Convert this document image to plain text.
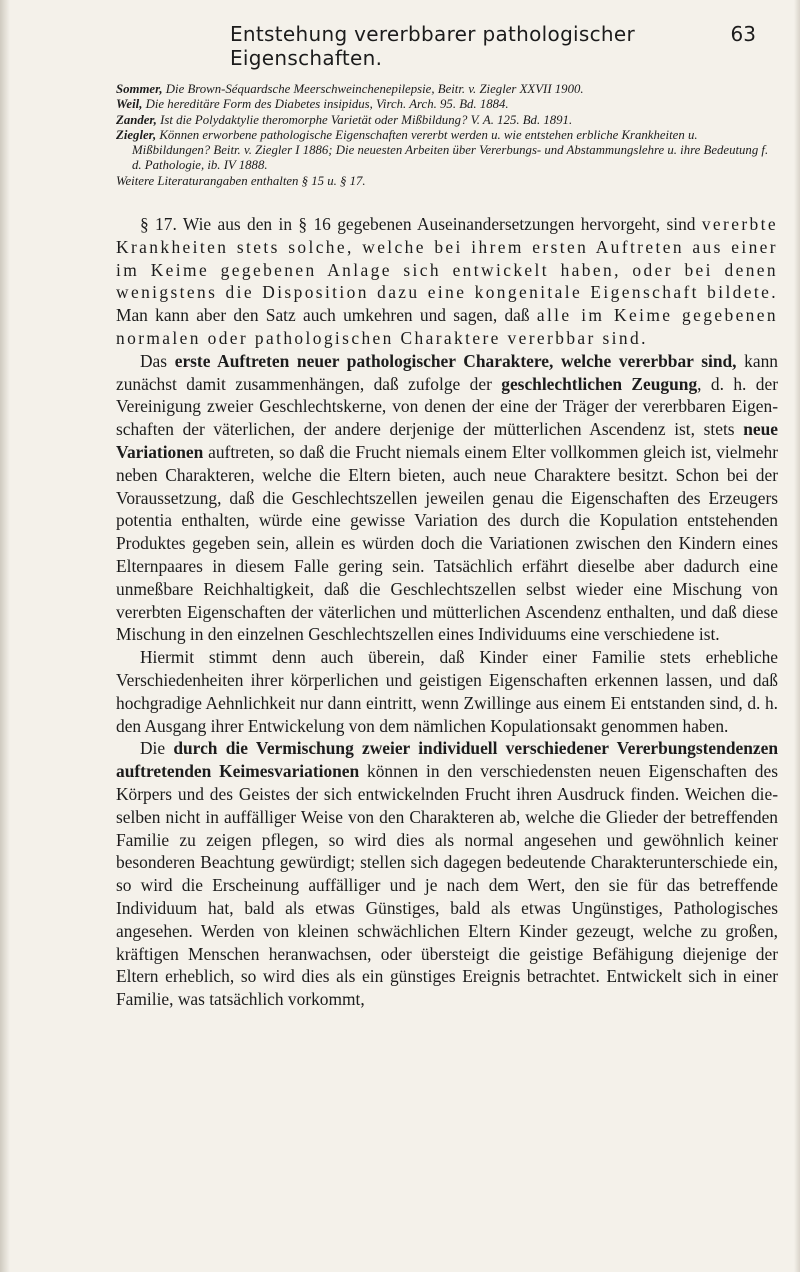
Entstehung vererbbarer pathologischer Eigenschaften.
63

Sommer, Die Brown-Séquardsche Meerschweinchenepilepsie, Beitr. v. Ziegler XXVII 1900.

Weil, Die hereditäre Form des Diabetes insipidus, Virch. Arch. 95. Bd. 1884.

Zander, Ist die Polydaktylie theromorphe Varietät oder Mißbildung? V. A. 125. Bd. 1891.

Ziegler, Können erworbene pathologische Eigenschaften vererbt werden u. wie entstehen erbliche Krankheiten u. Mißbildungen? Beitr. v. Ziegler I 1886; Die neuesten Arbeiten über Vererbungs- und Abstammungslehre u. ihre Bedeutung f. d. Pathologie, ib. IV 1888.

Weitere Literaturangaben enthalten § 15 u. § 17.

§ 17. Wie aus den in § 16 gegebenen Auseinandersetzungen hervorgeht, sind vererbte Krankheiten stets solche, welche bei ihrem ersten Auftreten aus einer im Keime gegebenen Anlage sich entwickelt haben, oder bei denen wenigstens die Disposition dazu eine kongenitale Eigenschaft bildete. Man kann aber den Satz auch umkehren und sagen, daß alle im Keime gegebenen normalen oder pathologischen Charaktere vererbbar sind.

Das erste Auftreten neuer pathologischer Charaktere, welche vererbbar sind, kann zunächst damit zusammenhängen, daß zufolge der geschlechtlichen Zeugung, d. h. der Vereinigung zweier Geschlechtskerne, von denen der eine der Träger der vererbbaren Eigenschaften der väterlichen, der andere derjenige der mütterlichen Ascendenz ist, stets neue Variationen auftreten, so daß die Frucht niemals einem Elter vollkommen gleich ist, vielmehr neben Charakteren, welche die Eltern bieten, auch neue Charaktere besitzt. Schon bei der Voraussetzung, daß die Geschlechtszellen jeweilen genau die Eigenschaften des Erzeugers potentia enthalten, würde eine gewisse Variation des durch die Kopulation entstehenden Produktes gegeben sein, allein es würden doch die Variationen zwischen den Kindern eines Elternpaares in diesem Falle gering sein. Tatsächlich erfährt dieselbe aber dadurch eine unmeßbare Reichhaltigkeit, daß die Geschlechtszellen selbst wieder eine Mischung von vererbten Eigenschaften der väterlichen und mütterlichen Ascendenz enthalten, und daß diese Mischung in den einzelnen Geschlechtszellen eines Individuums eine verschiedene ist.

Hiermit stimmt denn auch überein, daß Kinder einer Familie stets erhebliche Verschiedenheiten ihrer körperlichen und geistigen Eigenschaften erkennen lassen, und daß hochgradige Aehnlichkeit nur dann eintritt, wenn Zwillinge aus einem Ei entstanden sind, d. h. den Ausgang ihrer Entwickelung von dem nämlichen Kopulationsakt genommen haben.

Die durch die Vermischung zweier individuell verschiedener Vererbungstendenzen auftretenden Keimesvariationen können in den verschiedensten neuen Eigenschaften des Körpers und des Geistes der sich entwickelnden Frucht ihren Ausdruck finden. Weichen dieselben nicht in auffälliger Weise von den Charakteren ab, welche die Glieder der betreffenden Familie zu zeigen pflegen, so wird dies als normal angesehen und gewöhnlich keiner besonderen Beachtung gewürdigt; stellen sich dagegen bedeutende Charakterunterschiede ein, so wird die Erscheinung auffälliger und je nach dem Wert, den sie für das betreffende Individuum hat, bald als etwas Günstiges, bald als etwas Ungünstiges, Pathologisches angesehen. Werden von kleinen schwächlichen Eltern Kinder gezeugt, welche zu großen, kräftigen Menschen heranwachsen, oder übersteigt die geistige Befähigung diejenige der Eltern erheblich, so wird dies als ein günstiges Ereignis betrachtet. Entwickelt sich in einer Familie, was tatsächlich vorkommt,
